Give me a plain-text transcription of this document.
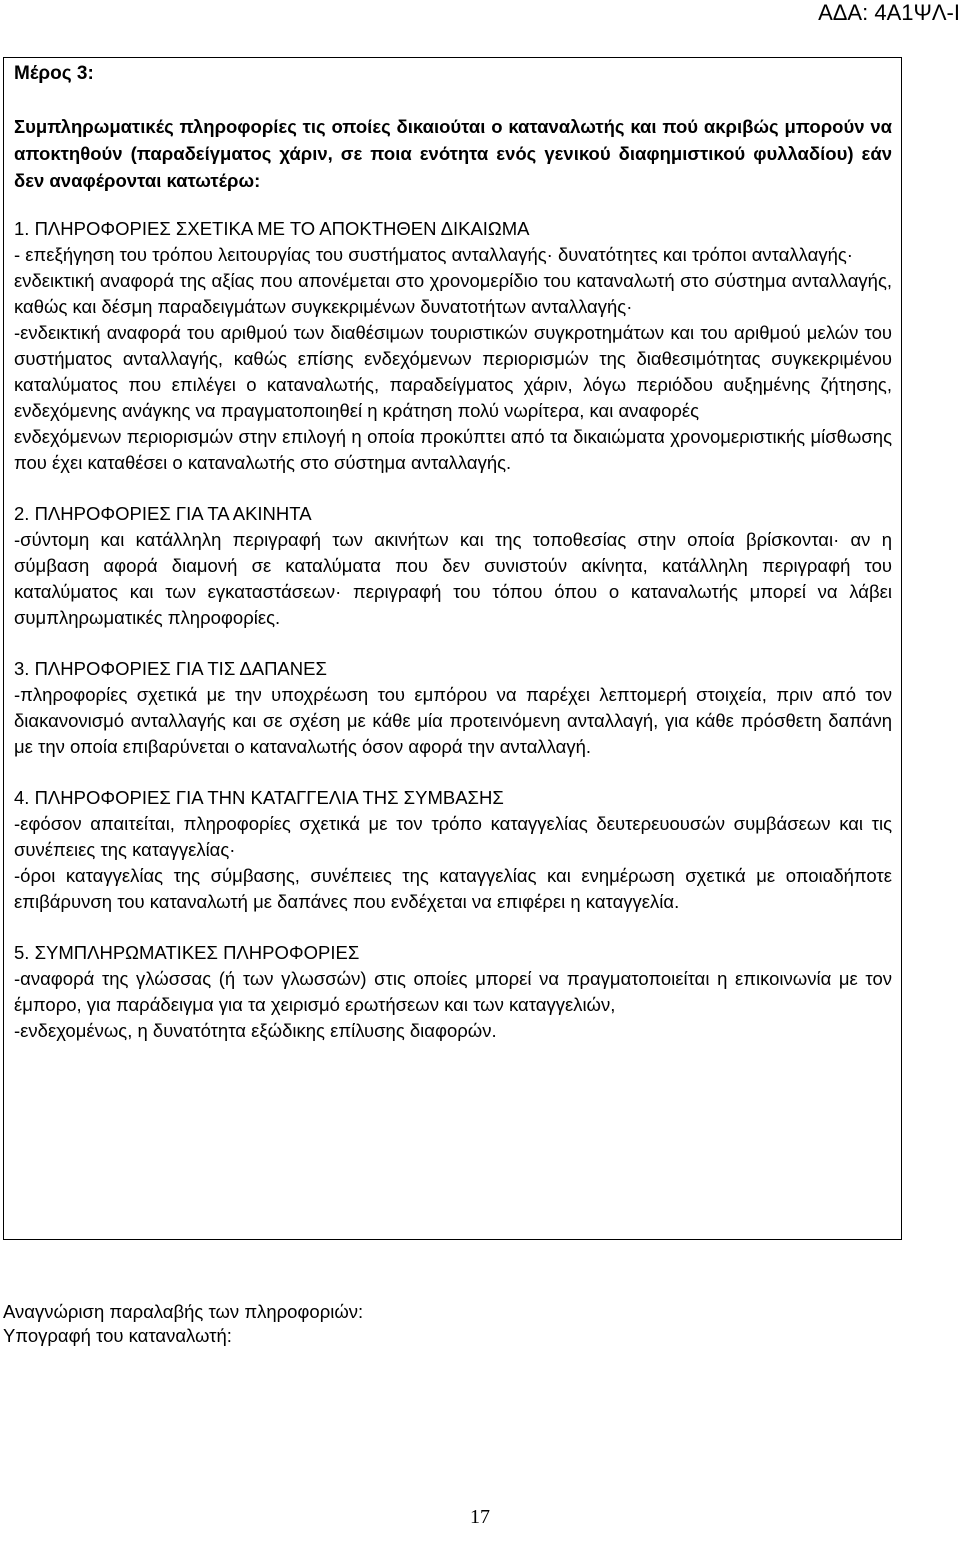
ΑΔΑ: 4Α1ΨΛ-Ι
Μέρος 3:
Συμπληρωματικές πληροφορίες τις οποίες δικαιούται ο καταναλωτής και πού ακριβώς μπορούν να αποκτηθούν (παραδείγματος χάριν, σε ποια ενότητα ενός γενικού διαφημιστικού φυλλαδίου) εάν δεν αναφέρονται κατωτέρω:
1. ΠΛΗΡΟΦΟΡΙΕΣ ΣΧΕΤΙΚΑ ΜΕ ΤΟ ΑΠΟΚΤΗΘΕΝ ΔΙΚΑΙΩΜΑ
- επεξήγηση του τρόπου λειτουργίας του συστήματος ανταλλαγής· δυνατότητες και τρόποι ανταλλαγής·
ενδεικτική αναφορά της αξίας που απονέμεται στο χρονομερίδιο του καταναλωτή στο σύστημα ανταλλαγής, καθώς και δέσμη παραδειγμάτων συγκεκριμένων δυνατοτήτων ανταλλαγής·
-ενδεικτική αναφορά του αριθμού των διαθέσιμων τουριστικών συγκροτημάτων και του αριθμού μελών του συστήματος ανταλλαγής, καθώς επίσης ενδεχόμενων περιορισμών της διαθεσιμότητας συγκεκριμένου καταλύματος που επιλέγει ο καταναλωτής, παραδείγματος χάριν, λόγω περιόδου αυξημένης ζήτησης, ενδεχόμενης ανάγκης να πραγματοποιηθεί η κράτηση πολύ νωρίτερα, και αναφορές
ενδεχόμενων περιορισμών στην επιλογή η οποία προκύπτει από τα δικαιώματα χρονομεριστικής μίσθωσης που έχει καταθέσει ο καταναλωτής στο σύστημα ανταλλαγής.
2. ΠΛΗΡΟΦΟΡΙΕΣ ΓΙΑ ΤΑ ΑΚΙΝΗΤΑ
-σύντομη και κατάλληλη περιγραφή των ακινήτων και της τοποθεσίας στην οποία βρίσκονται· αν η σύμβαση αφορά διαμονή σε καταλύματα που δεν συνιστούν ακίνητα, κατάλληλη περιγραφή του καταλύματος και των εγκαταστάσεων· περιγραφή του τόπου όπου ο καταναλωτής μπορεί να λάβει συμπληρωματικές πληροφορίες.
3. ΠΛΗΡΟΦΟΡΙΕΣ ΓΙΑ ΤΙΣ ΔΑΠΑΝΕΣ
-πληροφορίες σχετικά με την υποχρέωση του εμπόρου να παρέχει λεπτομερή στοιχεία, πριν από τον διακανονισμό ανταλλαγής και σε σχέση με κάθε μία προτεινόμενη ανταλλαγή, για κάθε πρόσθετη δαπάνη με την οποία επιβαρύνεται ο καταναλωτής όσον αφορά την ανταλλαγή.
4. ΠΛΗΡΟΦΟΡΙΕΣ ΓΙΑ ΤΗΝ ΚΑΤΑΓΓΕΛΙΑ ΤΗΣ ΣΥΜΒΑΣΗΣ
-εφόσον απαιτείται, πληροφορίες σχετικά με τον τρόπο καταγγελίας δευτερευουσών συμβάσεων και τις συνέπειες της καταγγελίας·
-όροι καταγγελίας της σύμβασης, συνέπειες της καταγγελίας και ενημέρωση σχετικά με οποιαδήποτε επιβάρυνση του καταναλωτή με δαπάνες που ενδέχεται να επιφέρει η καταγγελία.
5. ΣΥΜΠΛΗΡΩΜΑΤΙΚΕΣ ΠΛΗΡΟΦΟΡΙΕΣ
-αναφορά της γλώσσας (ή των γλωσσών) στις οποίες μπορεί να πραγματοποιείται η επικοινωνία με τον έμπορο, για παράδειγμα για τα χειρισμό ερωτήσεων και των καταγγελιών,
-ενδεχομένως, η δυνατότητα εξώδικης επίλυσης διαφορών.
Αναγνώριση παραλαβής των πληροφοριών:
Υπογραφή του καταναλωτή:
17
